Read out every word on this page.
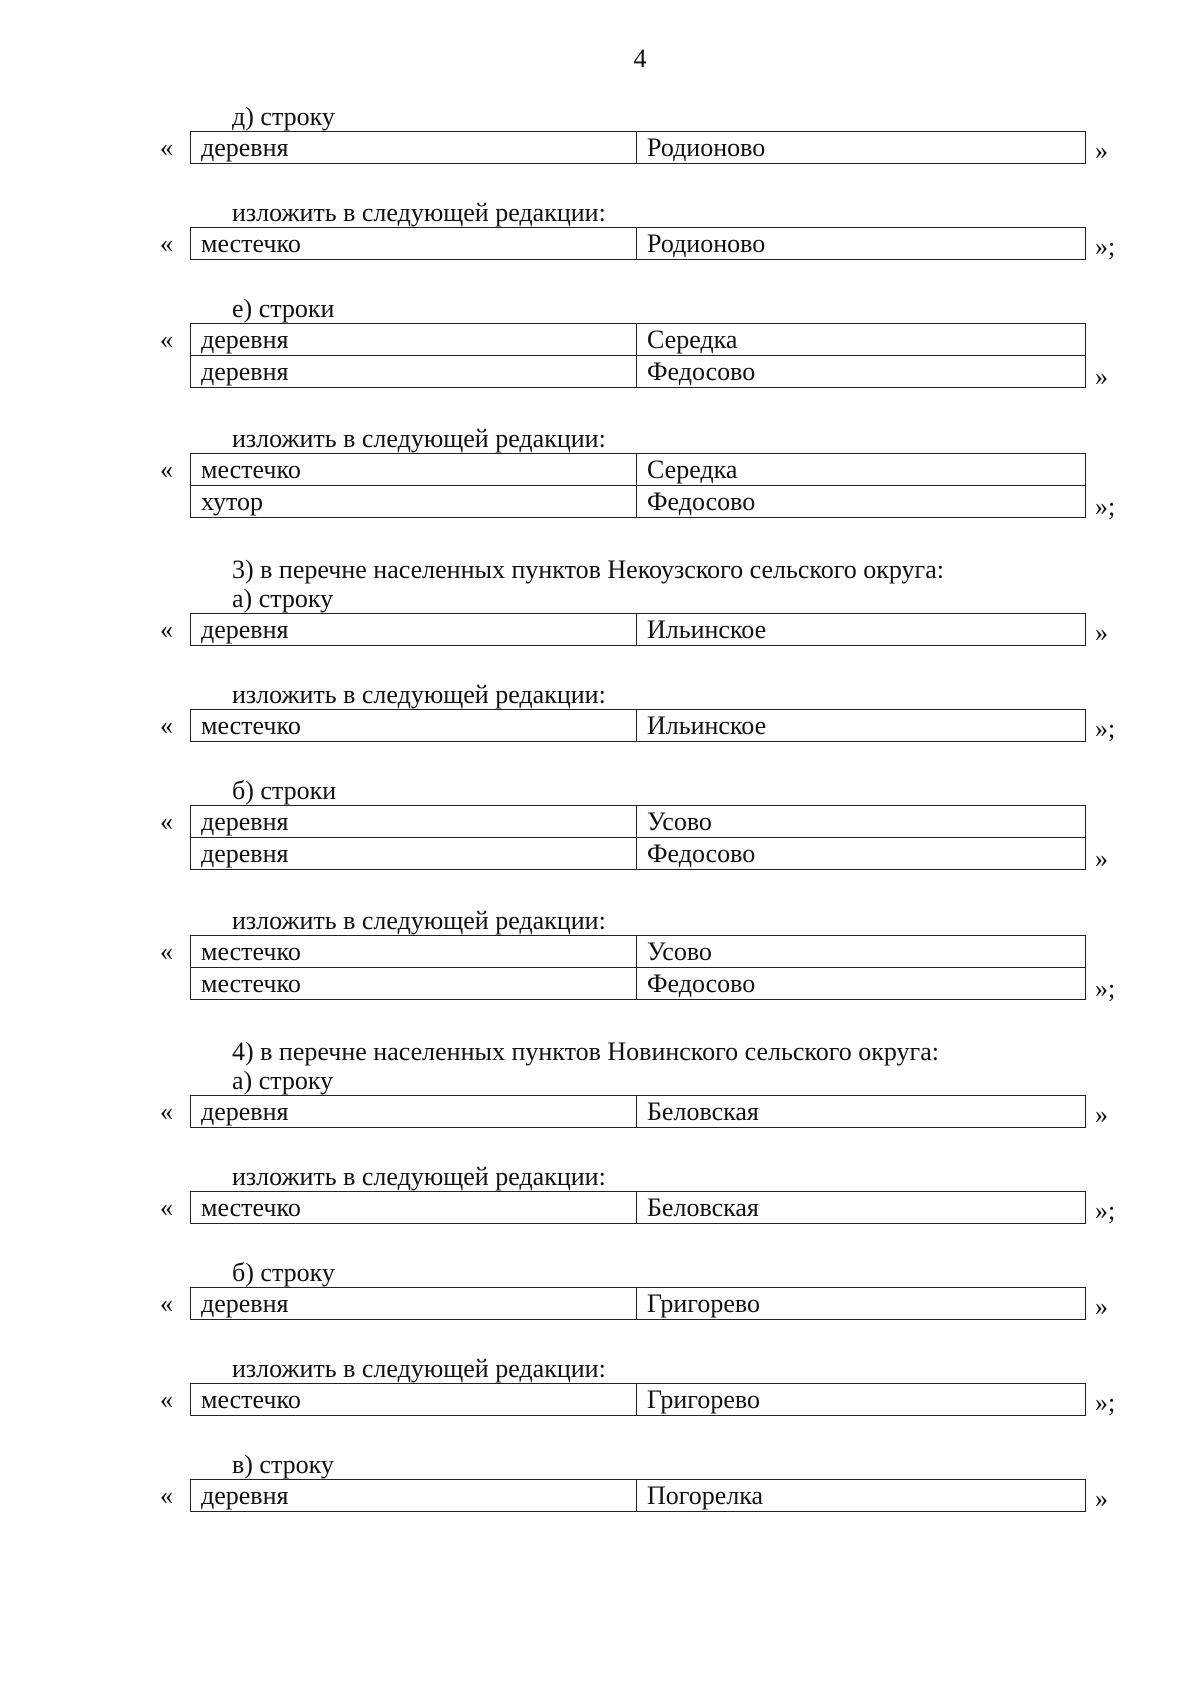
4
д) строку
« деревня	Родионово	»
изложить в следующей редакции:
« местечко	Родионово	»;
е) строки
« деревня	Середка
деревня	Федосово	»
изложить в следующей редакции:
« местечко	Середка
хутор	Федосово	»;
3) в перечне населенных пунктов Некоузского сельского округа:
а) строку
« деревня	Ильинское	»
изложить в следующей редакции:
« местечко	Ильинское	»;
б) строки
« деревня	Усово
деревня	Федосово	»
изложить в следующей редакции:
« местечко	Усово
местечко	Федосово	»;
4) в перечне населенных пунктов Новинского сельского округа:
а) строку
« деревня	Беловская	»
изложить в следующей редакции:
« местечко	Беловская	»;
б) строку
« деревня	Григорево	»
изложить в следующей редакции:
« местечко	Григорево	»;
в) строку
« деревня	Погорелка	»
